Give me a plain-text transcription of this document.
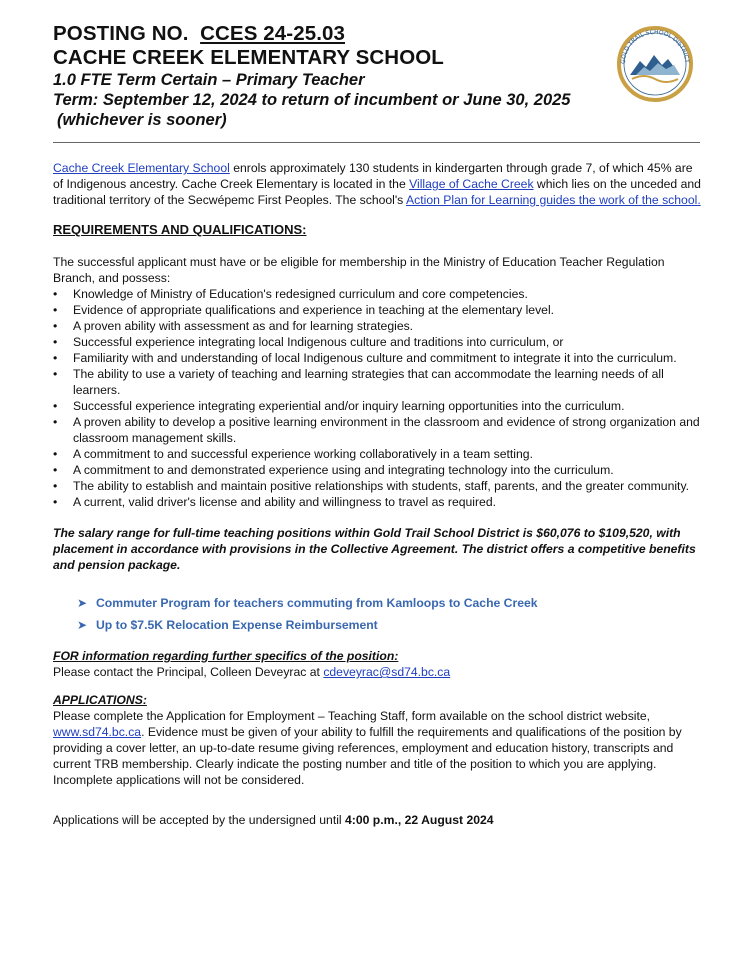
GOLD TRAIL SCHOOL DISTRICT

POSTING NO. CCES 24-25.03

CACHE CREEK ELEMENTARY SCHOOL

1.0 FTE Term Certain – Primary Teacher

Term: September 12, 2024 to return of incumbent or June 30, 2025

(whichever is sooner)

Cache Creek Elementary School enrols approximately 130 students in kindergarten through grade 7, of which 45% are of Indigenous ancestry. Cache Creek Elementary is located in the Village of Cache Creek which lies on the unceded and traditional territory of the Secwépemc First Peoples. The school's Action Plan for Learning guides the work of the school.

REQUIREMENTS AND QUALIFICATIONS:

The successful applicant must have or be eligible for membership in the Ministry of Education Teacher Regulation Branch, and possess:

• Knowledge of Ministry of Education's redesigned curriculum and core competencies.
• Evidence of appropriate qualifications and experience in teaching at the elementary level.
• A proven ability with assessment as and for learning strategies.
• Successful experience integrating local Indigenous culture and traditions into curriculum, or
• Familiarity with and understanding of local Indigenous culture and commitment to integrate it into the curriculum.
• The ability to use a variety of teaching and learning strategies that can accommodate the learning needs of all learners.
• Successful experience integrating experiential and/or inquiry learning opportunities into the curriculum.
• A proven ability to develop a positive learning environment in the classroom and evidence of strong organization and classroom management skills.
• A commitment to and successful experience working collaboratively in a team setting.
• A commitment to and demonstrated experience using and integrating technology into the curriculum.
• The ability to establish and maintain positive relationships with students, staff, parents, and the greater community.
• A current, valid driver's license and ability and willingness to travel as required.

The salary range for full-time teaching positions within Gold Trail School District is $60,076 to $109,520, with placement in accordance with provisions in the Collective Agreement. The district offers a competitive benefits and pension package.

➤ Commuter Program for teachers commuting from Kamloops to Cache Creek
➤ Up to $7.5K Relocation Expense Reimbursement

FOR information regarding further specifics of the position:

Please contact the Principal, Colleen Deveyrac at cdeveyrac@sd74.bc.ca

APPLICATIONS:

Please complete the Application for Employment – Teaching Staff, form available on the school district website, www.sd74.bc.ca. Evidence must be given of your ability to fulfill the requirements and qualifications of the position by providing a cover letter, an up-to-date resume giving references, employment and education history, transcripts and current TRB membership. Clearly indicate the posting number and title of the position to which you are applying. Incomplete applications will not be considered.

Applications will be accepted by the undersigned until 4:00 p.m., 22 August 2024
